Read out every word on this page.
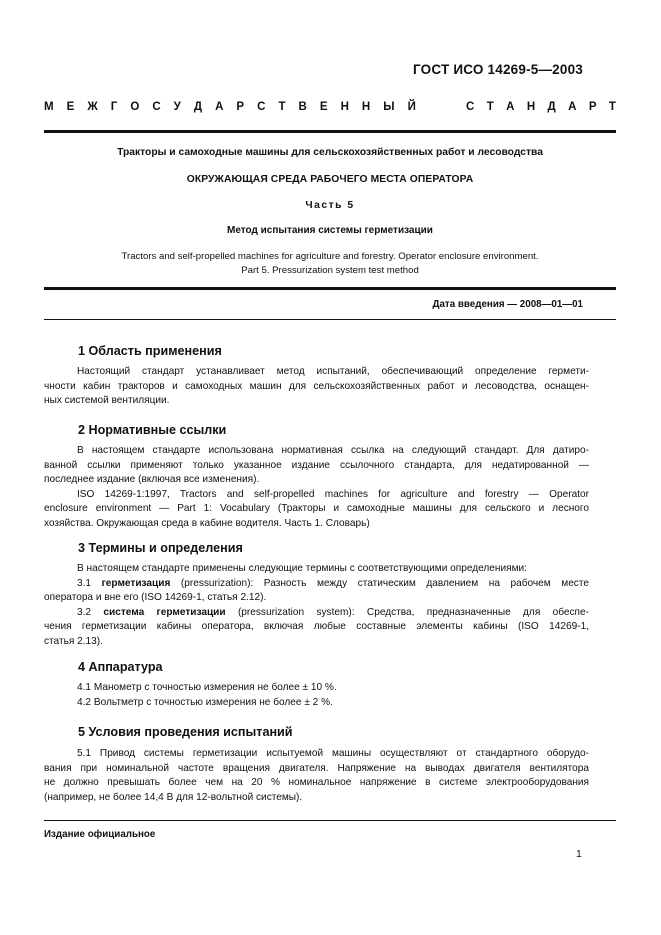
ГОСТ ИСО 14269-5—2003
М Е Ж Г О С У Д А Р С Т В Е Н Н Ы Й	С Т А Н Д А Р Т
Тракторы и самоходные машины для сельскохозяйственных работ и лесоводства
ОКРУЖАЮЩАЯ СРЕДА РАБОЧЕГО МЕСТА ОПЕРАТОРА
Часть 5
Метод испытания системы герметизации
Tractors and self-propelled machines for agriculture and forestry. Operator enclosure environment.
Part 5. Pressurization system test method
Дата введения — 2008—01—01
1 Область применения
Настоящий стандарт устанавливает метод испытаний, обеспечивающий определение гермети-
чности кабин тракторов и самоходных машин для сельскохозяйственных работ и лесоводства, оснащен-
ных системой вентиляции.
2 Нормативные ссылки
В настоящем стандарте использована нормативная ссылка на следующий стандарт. Для датиро-
ванной ссылки применяют только указанное издание ссылочного стандарта, для недатированной —
последнее издание (включая все изменения).
ISO 14269-1:1997, Tractors and self-propelled machines for agriculture and forestry — Operator
enclosure environment — Part 1: Vocabulary (Тракторы и самоходные машины для сельского и лесного
хозяйства. Окружающая среда в кабине водителя. Часть 1. Словарь)
3 Термины и определения
В настоящем стандарте применены следующие термины с соответствующими определениями:
3.1 герметизация (pressurization): Разность между статическим давлением на рабочем месте
оператора и вне его (ISO 14269-1, статья 2.12).
3.2 система герметизации (pressurization system): Средства, предназначенные для обеспе-
чения герметизации кабины оператора, включая любые составные элементы кабины (ISO 14269-1,
статья 2.13).
4 Аппаратура
4.1 Манометр с точностью измерения не более ± 10 %.
4.2 Вольтметр с точностью измерения не более ± 2 %.
5 Условия проведения испытаний
5.1 Привод системы герметизации испытуемой машины осуществляют от стандартного оборудо-
вания при номинальной частоте вращения двигателя. Напряжение на выводах двигателя вентилятора
не должно превышать более чем на 20 % номинальное напряжение в системе электрооборудования
(например, не более 14,4 В для 12-вольтной системы).
Издание официальное
1
